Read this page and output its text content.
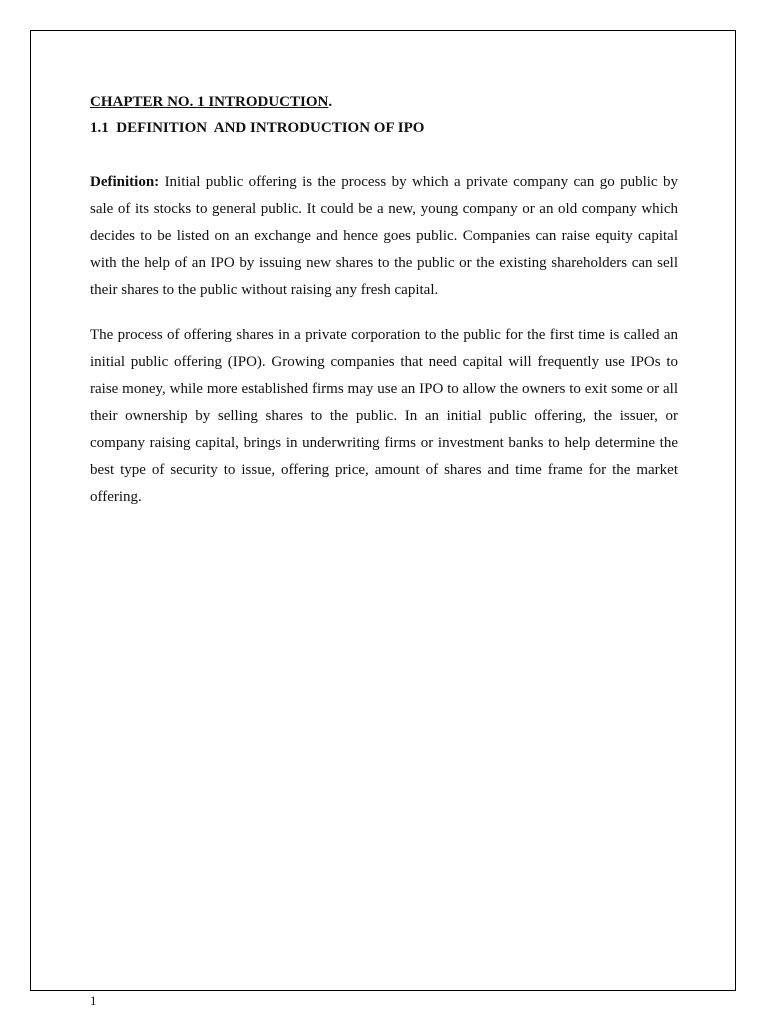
CHAPTER NO. 1 INTRODUCTION.

1.1  DEFINITION  AND INTRODUCTION OF IPO

Definition: Initial public offering is the process by which a private company can go public by sale of its stocks to general public. It could be a new, young company or an old company which decides to be listed on an exchange and hence goes public. Companies can raise equity capital with the help of an IPO by issuing new shares to the public or the existing shareholders can sell their shares to the public without raising any fresh capital.

The process of offering shares in a private corporation to the public for the first time is called an initial public offering (IPO). Growing companies that need capital will frequently use IPOs to raise money, while more established firms may use an IPO to allow the owners to exit some or all their ownership by selling shares to the public. In an initial public offering, the issuer, or company raising capital, brings in underwriting firms or investment banks to help determine the best type of security to issue, offering price, amount of shares and time frame for the market offering.

1
